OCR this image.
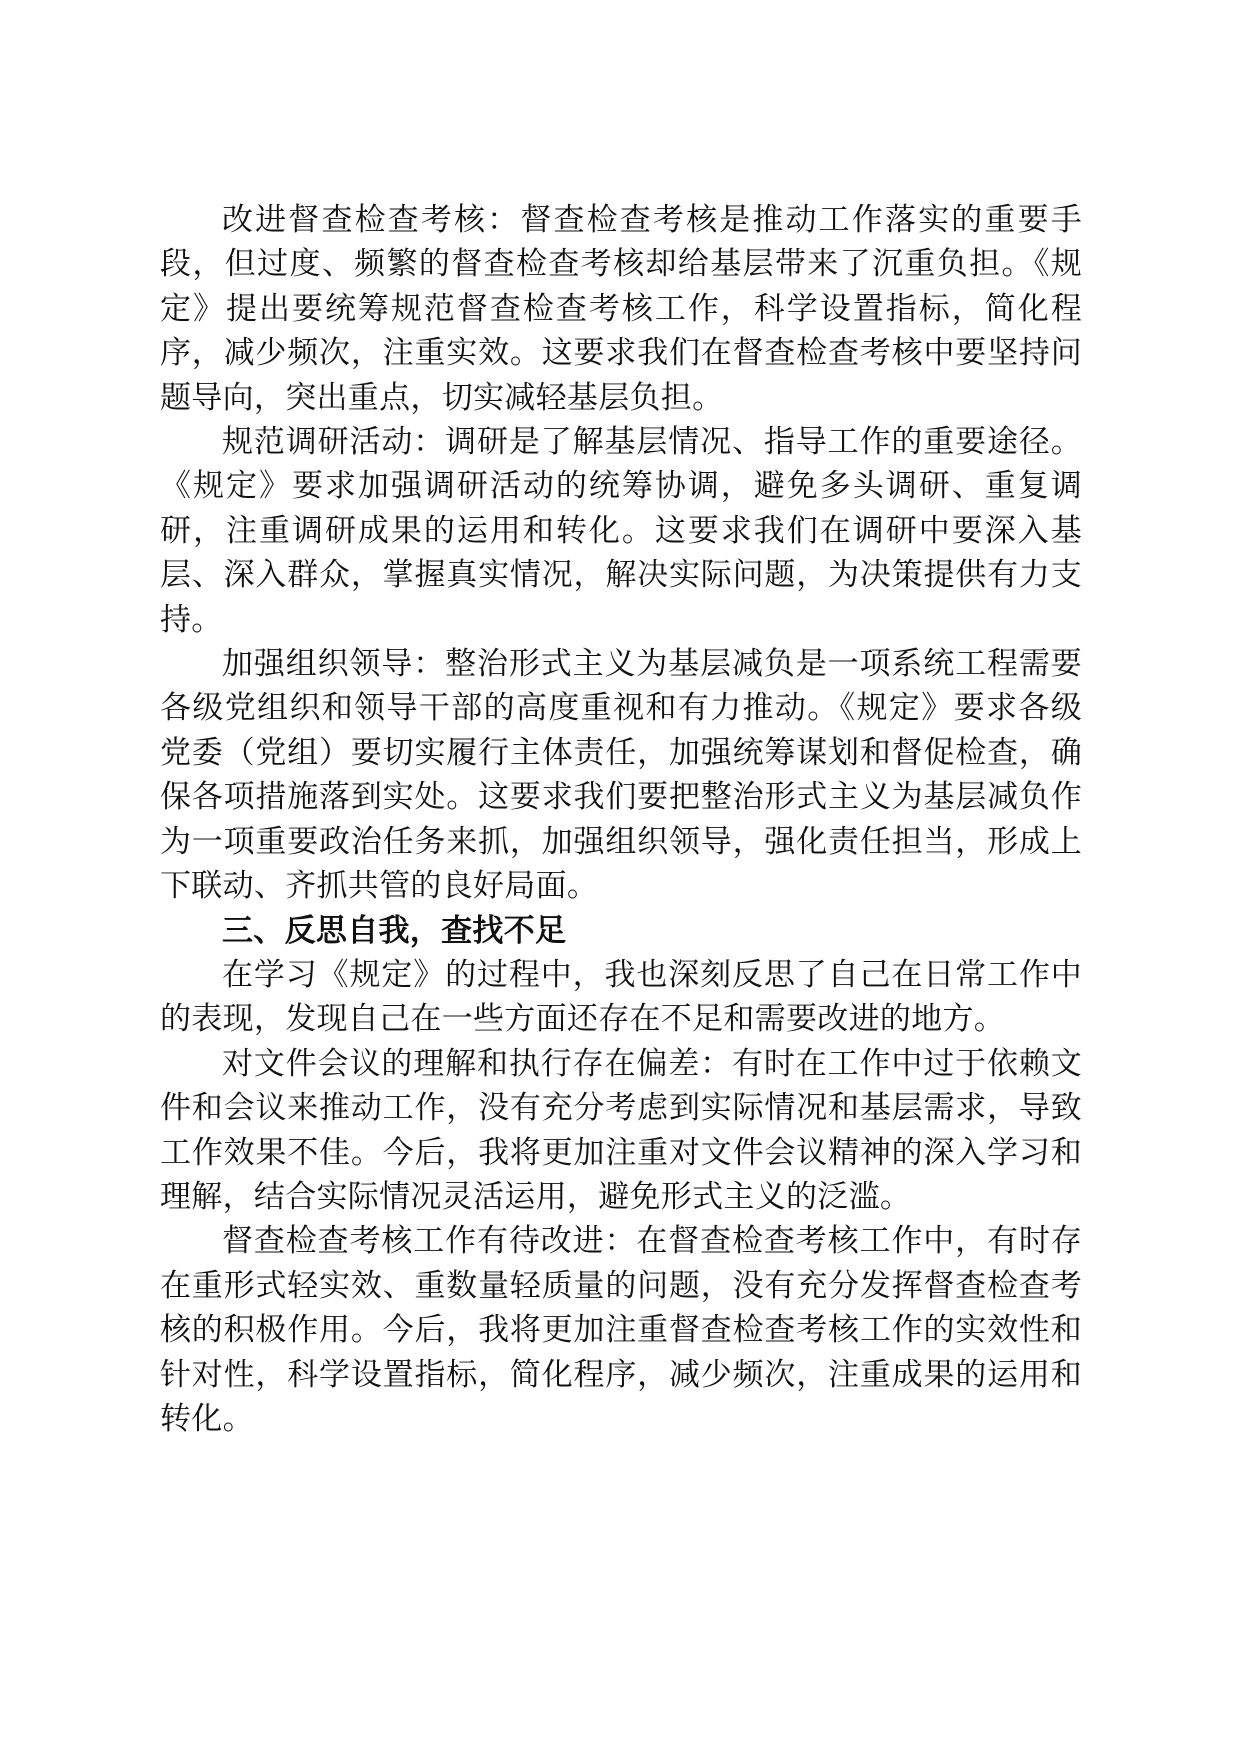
改进督查检查考核：督查检查考核是推动工作落实的重要手段，但过度、频繁的督查检查考核却给基层带来了沉重负担。《规定》提出要统筹规范督查检查考核工作，科学设置指标，简化程序，减少频次，注重实效。这要求我们在督查检查考核中要坚持问题导向，突出重点，切实减轻基层负担。

规范调研活动：调研是了解基层情况、指导工作的重要途径。《规定》要求加强调研活动的统筹协调，避免多头调研、重复调研，注重调研成果的运用和转化。这要求我们在调研中要深入基层、深入群众，掌握真实情况，解决实际问题，为决策提供有力支持。

加强组织领导：整治形式主义为基层减负是一项系统工程需要各级党组织和领导干部的高度重视和有力推动。《规定》要求各级党委（党组）要切实履行主体责任，加强统筹谋划和督促检查，确保各项措施落到实处。这要求我们要把整治形式主义为基层减负作为一项重要政治任务来抓，加强组织领导，强化责任担当，形成上下联动、齐抓共管的良好局面。

三、反思自我，查找不足

在学习《规定》的过程中，我也深刻反思了自己在日常工作中的表现，发现自己在一些方面还存在不足和需要改进的地方。

对文件会议的理解和执行存在偏差：有时在工作中过于依赖文件和会议来推动工作，没有充分考虑到实际情况和基层需求，导致工作效果不佳。今后，我将更加注重对文件会议精神的深入学习和理解，结合实际情况灵活运用，避免形式主义的泛滥。

督查检查考核工作有待改进：在督查检查考核工作中，有时存在重形式轻实效、重数量轻质量的问题，没有充分发挥督查检查考核的积极作用。今后，我将更加注重督查检查考核工作的实效性和针对性，科学设置指标，简化程序，减少频次，注重成果的运用和转化。
